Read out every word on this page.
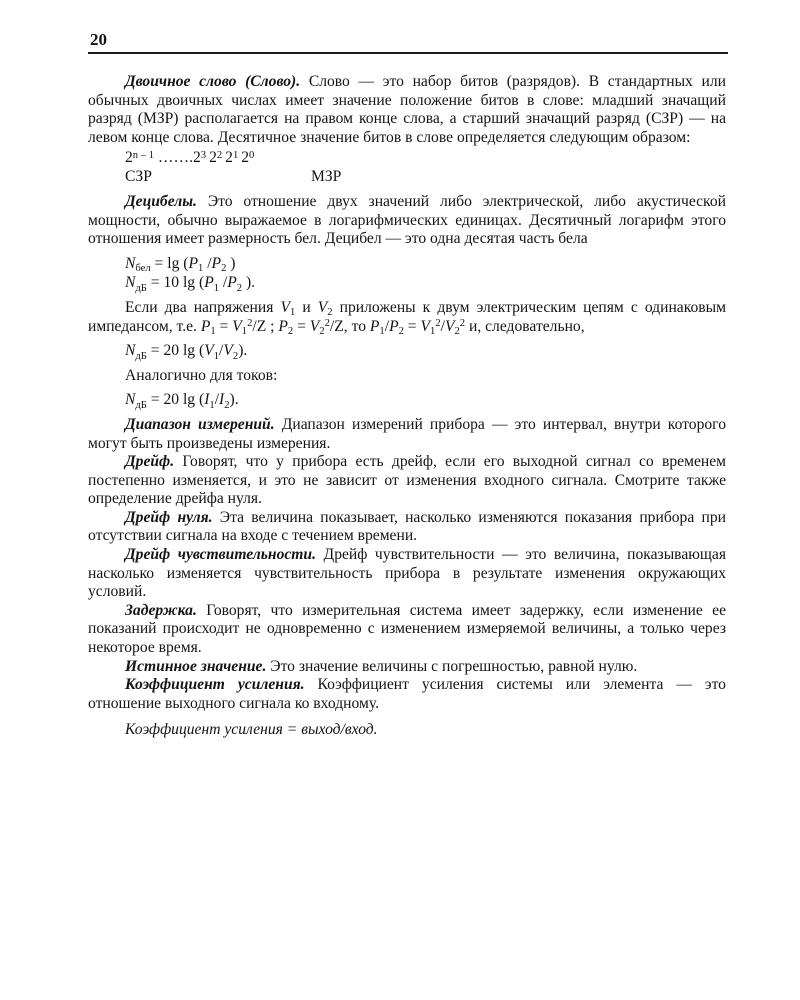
20

Двоичное слово (Слово). Слово — это набор битов (разрядов). В стандартных или обычных двоичных числах имеет значение положение битов в слове: младший значащий разряд (МЗР) располагается на правом конце слова, а старший значащий разряд (СЗР) — на левом конце слова. Десятичное значение битов в слове определяется следующим образом:

2$^{n - 1}$ $\dots\dots.2^3$ $2^2$ $2^1$ $2^0$
СЗР	МЗР

Децибелы. Это отношение двух значений либо электрической, либо акустической мощности, обычно выражаемое в логарифмических единицах. Десятичный логарифм этого отношения имеет размерность бел. Децибел — это одна десятая часть бела

$N_{бел} = \lg (P_1$ $/P_2$ )
$N_{дБ} = 10$ $\lg (P_1$ $/P_2$ ).

Если два напряжения $V_1$ и $V_2$ приложены к двум электрическим цепям с одинаковым импедансом, т.е. $P_1 = V_1^2/Z$ ; $P_2 = V_2^2/Z$, то $P_1/P_2 = V_1^2/V_2^2$ и, следовательно,

$N_{дБ} = 20$ $\lg (V_1/V_2)$.
Аналогично для токов:
$N_{дБ} = 20$ $\lg (I_1/I_2)$.

Диапазон измерений. Диапазон измерений прибора — это интервал, внутри которого могут быть произведены измерения.

Дрейф. Говорят, что у прибора есть дрейф, если его выходной сигнал со временем постепенно изменяется, и это не зависит от изменения входного сигнала. Смотрите также определение дрейфа нуля.

Дрейф нуля. Эта величина показывает, насколько изменяются показания прибора при отсутствии сигнала на входе с течением времени.

Дрейф чувствительности. Дрейф чувствительности — это величина, показывающая насколько изменяется чувствительность прибора в результате изменения окружающих условий.

Задержка. Говорят, что измерительная система имеет задержку, если изменение ее показаний происходит не одновременно с изменением измеряемой величины, а только через некоторое время.

Истинное значение. Это значение величины с погрешностью, равной нулю.

Коэффициент усиления. Коэффициент усиления системы или элемента — это отношение выходного сигнала ко входному.

Коэффициент усиления = выход/вход.
